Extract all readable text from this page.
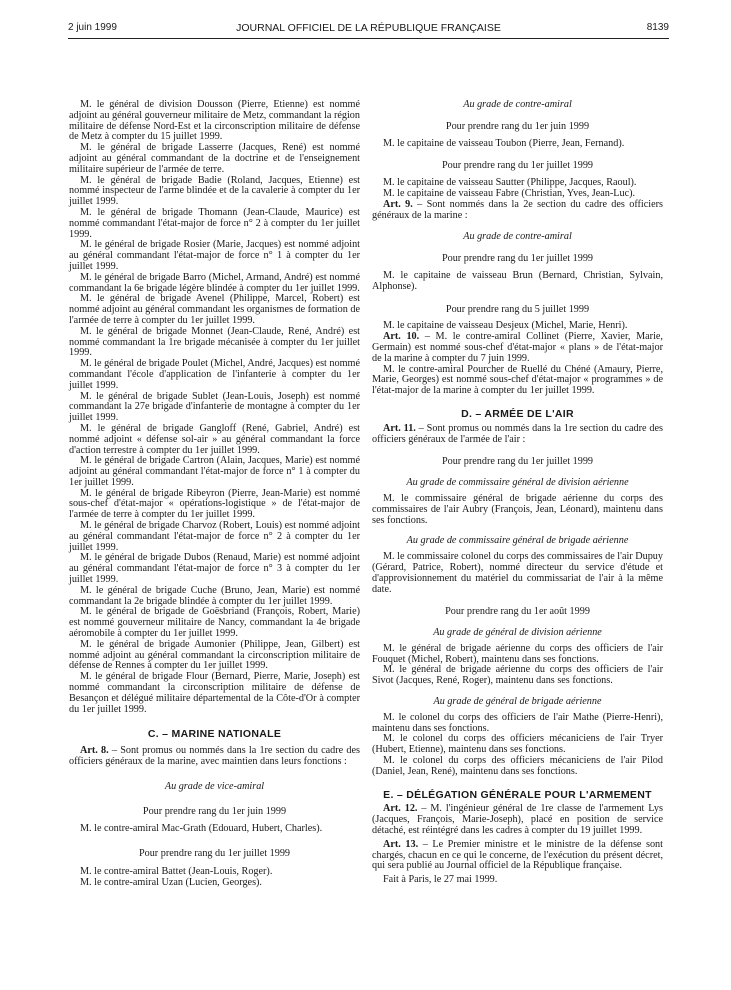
2 juin 1999	JOURNAL OFFICIEL DE LA RÉPUBLIQUE FRANÇAISE	8139

M. le général de division Dousson (Pierre, Etienne) est nommé adjoint au général gouverneur militaire de Metz, commandant la région militaire de défense Nord-Est et la circonscription militaire de défense de Metz à compter du 15 juillet 1999.

M. le général de brigade Lasserre (Jacques, René) est nommé adjoint au général commandant de la doctrine et de l'enseignement militaire supérieur de l'armée de terre.

M. le général de brigade Badie (Roland, Jacques, Etienne) est nommé inspecteur de l'arme blindée et de la cavalerie à compter du 1er juillet 1999.

M. le général de brigade Thomann (Jean-Claude, Maurice) est nommé commandant l'état-major de force n° 2 à compter du 1er juillet 1999.

M. le général de brigade Rosier (Marie, Jacques) est nommé adjoint au général commandant l'état-major de force n° 1 à compter du 1er juillet 1999.

M. le général de brigade Barro (Michel, Armand, André) est nommé commandant la 6e brigade légère blindée à compter du 1er juillet 1999.

M. le général de brigade Avenel (Philippe, Marcel, Robert) est nommé adjoint au général commandant les organismes de formation de l'armée de terre à compter du 1er juillet 1999.

M. le général de brigade Monnet (Jean-Claude, René, André) est nommé commandant la 1re brigade mécanisée à compter du 1er juillet 1999.

M. le général de brigade Poulet (Michel, André, Jacques) est nommé commandant l'école d'application de l'infanterie à compter du 1er juillet 1999.

M. le général de brigade Sublet (Jean-Louis, Joseph) est nommé commandant la 27e brigade d'infanterie de montagne à compter du 1er juillet 1999.

M. le général de brigade Gangloff (René, Gabriel, André) est nommé adjoint « défense sol-air » au général commandant la force d'action terrestre à compter du 1er juillet 1999.

M. le général de brigade Cartron (Alain, Jacques, Marie) est nommé adjoint au général commandant l'état-major de force n° 1 à compter du 1er juillet 1999.

M. le général de brigade Ribeyron (Pierre, Jean-Marie) est nommé sous-chef d'état-major « opérations-logistique » de l'état-major de l'armée de terre à compter du 1er juillet 1999.

M. le général de brigade Charvoz (Robert, Louis) est nommé adjoint au général commandant l'état-major de force n° 2 à compter du 1er juillet 1999.

M. le général de brigade Dubos (Renaud, Marie) est nommé adjoint au général commandant l'état-major de force n° 3 à compter du 1er juillet 1999.

M. le général de brigade Cuche (Bruno, Jean, Marie) est nommé commandant la 2e brigade blindée à compter du 1er juillet 1999.

M. le général de brigade de Goësbriand (François, Robert, Marie) est nommé gouverneur militaire de Nancy, commandant la 4e brigade aéromobile à compter du 1er juillet 1999.

M. le général de brigade Aumonier (Philippe, Jean, Gilbert) est nommé adjoint au général commandant la circonscription militaire de défense de Rennes à compter du 1er juillet 1999.

M. le général de brigade Flour (Bernard, Pierre, Marie, Joseph) est nommé commandant la circonscription militaire de défense de Besançon et délégué militaire départemental de la Côte-d'Or à compter du 1er juillet 1999.

C. – MARINE NATIONALE

Art. 8. – Sont promus ou nommés dans la 1re section du cadre des officiers généraux de la marine, avec maintien dans leurs fonctions :

Au grade de vice-amiral
Pour prendre rang du 1er juin 1999

M. le contre-amiral Mac-Grath (Edouard, Hubert, Charles).

Pour prendre rang du 1er juillet 1999

M. le contre-amiral Battet (Jean-Louis, Roger).

M. le contre-amiral Uzan (Lucien, Georges).

Au grade de contre-amiral
Pour prendre rang du 1er juin 1999

M. le capitaine de vaisseau Toubon (Pierre, Jean, Fernand).

Pour prendre rang du 1er juillet 1999

M. le capitaine de vaisseau Sautter (Philippe, Jacques, Raoul).

M. le capitaine de vaisseau Fabre (Christian, Yves, Jean-Luc).

Art. 9. – Sont nommés dans la 2e section du cadre des officiers généraux de la marine :

Au grade de contre-amiral
Pour prendre rang du 1er juillet 1999

M. le capitaine de vaisseau Brun (Bernard, Christian, Sylvain, Alphonse).

Pour prendre rang du 5 juillet 1999

M. le capitaine de vaisseau Desjeux (Michel, Marie, Henri).

Art. 10. – M. le contre-amiral Collinet (Pierre, Xavier, Marie, Germain) est nommé sous-chef d'état-major « plans » de l'état-major de la marine à compter du 7 juin 1999.

M. le contre-amiral Pourcher de Ruellé du Chéné (Amaury, Pierre, Marie, Georges) est nommé sous-chef d'état-major « programmes » de l'état-major de la marine à compter du 1er juillet 1999.

D. – ARMÉE DE L'AIR

Art. 11. – Sont promus ou nommés dans la 1re section du cadre des officiers généraux de l'armée de l'air :

Pour prendre rang du 1er juillet 1999
Au grade de commissaire général de division aérienne

M. le commissaire général de brigade aérienne du corps des commissaires de l'air Aubry (François, Jean, Léonard), maintenu dans ses fonctions.

Au grade de commissaire général de brigade aérienne

M. le commissaire colonel du corps des commissaires de l'air Dupuy (Gérard, Patrice, Robert), nommé directeur du service d'étude et d'approvisionnement du matériel du commissariat de l'air à la même date.

Pour prendre rang du 1er août 1999
Au grade de général de division aérienne

M. le général de brigade aérienne du corps des officiers de l'air Fouquet (Michel, Robert), maintenu dans ses fonctions.

M. le général de brigade aérienne du corps des officiers de l'air Sivot (Jacques, René, Roger), maintenu dans ses fonctions.

Au grade de général de brigade aérienne

M. le colonel du corps des officiers de l'air Mathe (Pierre-Henri), maintenu dans ses fonctions.

M. le colonel du corps des officiers mécaniciens de l'air Tryer (Hubert, Etienne), maintenu dans ses fonctions.

M. le colonel du corps des officiers mécaniciens de l'air Pilod (Daniel, Jean, René), maintenu dans ses fonctions.

E. – DÉLÉGATION GÉNÉRALE POUR L'ARMEMENT

Art. 12. – M. l'ingénieur général de 1re classe de l'armement Lys (Jacques, François, Marie-Joseph), placé en position de service détaché, est réintégré dans les cadres à compter du 19 juillet 1999.

Art. 13. – Le Premier ministre et le ministre de la défense sont chargés, chacun en ce qui le concerne, de l'exécution du présent décret, qui sera publié au Journal officiel de la République française.

Fait à Paris, le 27 mai 1999.
